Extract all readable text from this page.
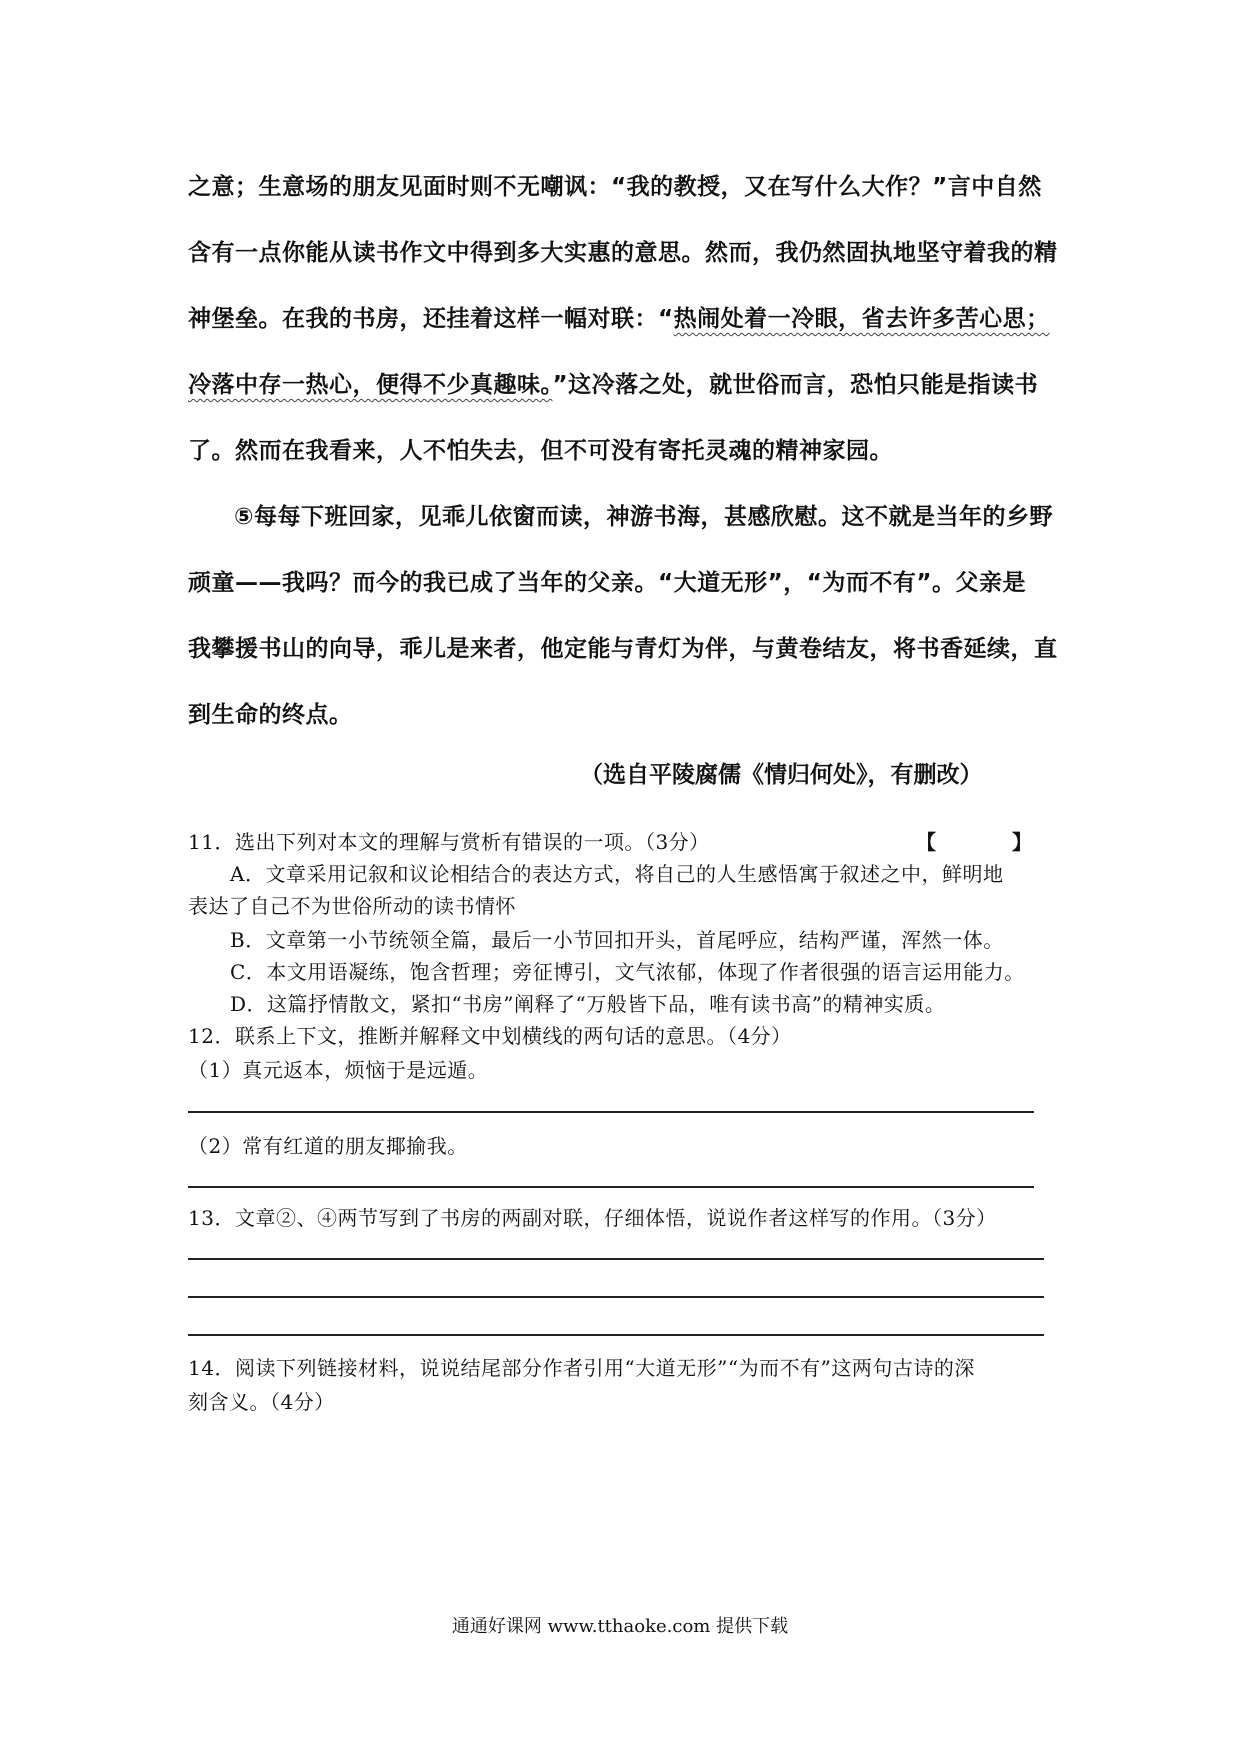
之意；生意场的朋友见面时则不无嘲讽：“我的教授，又在写什么大作？”言中自然
含有一点你能从读书作文中得到多大实惠的意思。然而，我仍然固执地坚守着我的精
神堡垒。在我的书房，还挂着这样一幅对联：“热闹处着一冷眼，省去许多苦心思；
冷落中存一热心，便得不少真趣味。”这冷落之处，就世俗而言，恐怕只能是指读书
了。然而在我看来，人不怕失去，但不可没有寄托灵魂的精神家园。
⑤每每下班回家，见乖儿依窗而读，神游书海，甚感欣慰。这不就是当年的乡野
顽童——我吗？而今的我已成了当年的父亲。“大道无形”，“为而不有”。父亲是
我攀援书山的向导，乖儿是来者，他定能与青灯为伴，与黄卷结友，将书香延续，直
到生命的终点。
（选自平陵腐儒《情归何处》，有删改）
11．选出下列对本文的理解与赏析有错误的一项。（3分）	【	】
A．文章采用记叙和议论相结合的表达方式，将自己的人生感悟寓于叙述之中，鲜明地
表达了自己不为世俗所动的读书情怀
B．文章第一小节统领全篇，最后一小节回扣开头，首尾呼应，结构严谨，浑然一体。
C．本文用语凝练，饱含哲理；旁征博引，文气浓郁，体现了作者很强的语言运用能力。
D．这篇抒情散文，紧扣“书房”阐释了“万般皆下品，唯有读书高”的精神实质。
12．联系上下文，推断并解释文中划横线的两句话的意思。（4分）
（1）真元返本，烦恼于是远遁。
（2）常有红道的朋友揶揄我。
13．文章②、④两节写到了书房的两副对联，仔细体悟，说说作者这样写的作用。（3分）
14．阅读下列链接材料，说说结尾部分作者引用“大道无形”“为而不有”这两句古诗的深
刻含义。（4分）
通通好课网 www.tthaoke.com 提供下载
